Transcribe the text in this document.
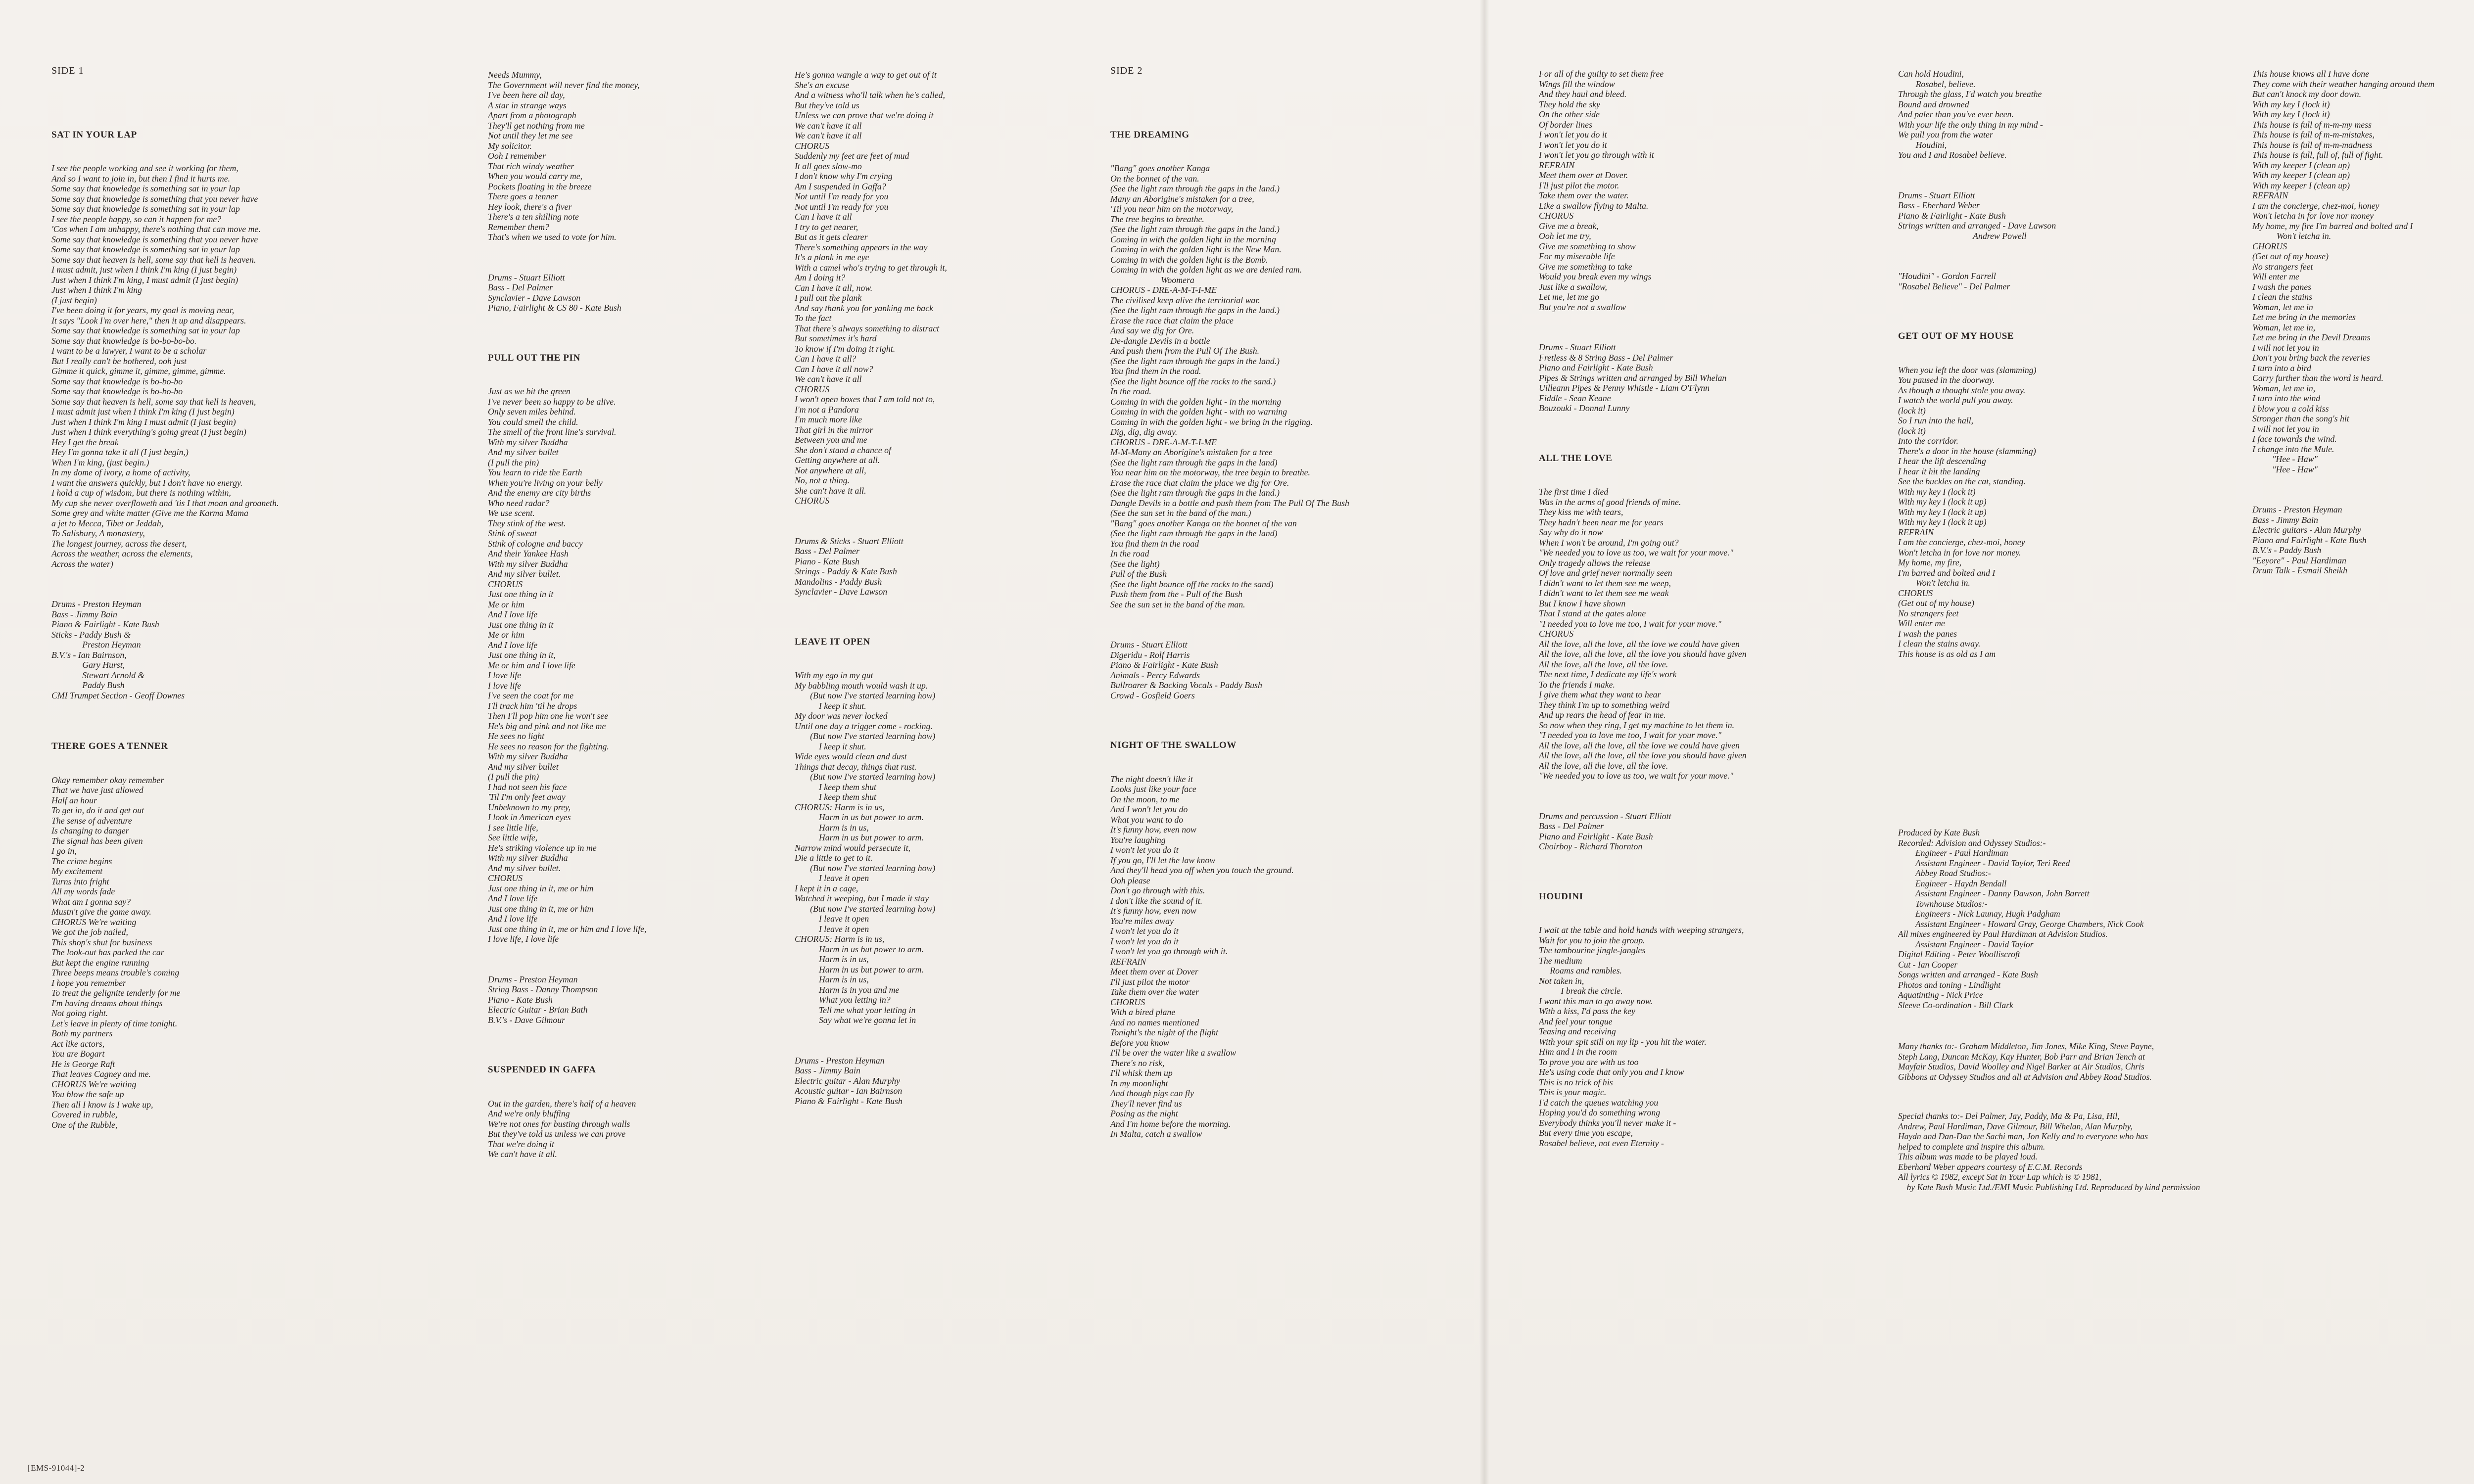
SIDE 1

SAT IN YOUR LAP

I see the people working and see it working for them,
And so I want to join in, but then I find it hurts me.
Some say that knowledge is something sat in your lap
Some say that knowledge is something that you never have
Some say that knowledge is something sat in your lap
I see the people happy, so can it happen for me?
'Cos when I am unhappy, there's nothing that can move me.
Some say that knowledge is something that you never have
Some say that knowledge is something sat in your lap
Some say that heaven is hell, some say that hell is heaven.
I must admit, just when I think I'm king (I just begin)
Just when I think I'm king, I must admit (I just begin)
Just when I think I'm king
(I just begin)
I've been doing it for years, my goal is moving near,
It says "Look I'm over here," then it up and disappears.
Some say that knowledge is something sat in your lap
Some say that knowledge is bo-bo-bo-bo.
I want to be a lawyer, I want to be a scholar
But I really can't be bothered, ooh just
Gimme it quick, gimme it, gimme, gimme, gimme.
Some say that knowledge is bo-bo-bo
Some say that knowledge is bo-bo-bo
Some say that heaven is hell, some say that hell is heaven,
I must admit just when I think I'm king (I just begin)
Just when I think I'm king I must admit (I just begin)
Just when I think everything's going great (I just begin)
Hey I get the break
Hey I'm gonna take it all (I just begin,)
When I'm king, (just begin.)
In my dome of ivory, a home of activity,
I want the answers quickly, but I don't have no energy.
I hold a cup of wisdom, but there is nothing within,
My cup she never overfloweth and 'tis I that moan and groaneth.
Some grey and white matter (Give me the Karma Mama
a jet to Mecca, Tibet or Jeddah,
To Salisbury, A monastery,
The longest journey, across the desert,
Across the weather, across the elements,
Across the water)

Drums - Preston Heyman
Bass - Jimmy Bain
Piano & Fairlight - Kate Bush
Sticks - Paddy Bush &
Preston Heyman
B.V.'s - Ian Bairnson,
Gary Hurst,
Stewart Arnold &
Paddy Bush
CMI Trumpet Section - Geoff Downes

THERE GOES A TENNER

Okay remember okay remember
That we have just allowed
Half an hour
To get in, do it and get out
The sense of adventure
Is changing to danger
The signal has been given
I go in,
The crime begins
My excitement
Turns into fright
All my words fade
What am I gonna say?
Mustn't give the game away.
CHORUS We're waiting
We got the job nailed,
This shop's shut for business
The look-out has parked the car
But kept the engine running
Three beeps means trouble's coming
I hope you remember
To treat the gelignite tenderly for me
I'm having dreams about things
Not going right.
Let's leave in plenty of time tonight.
Both my partners
Act like actors,
You are Bogart
He is George Raft
That leaves Cagney and me.
CHORUS We're waiting
You blow the safe up
Then all I know is I wake up,
Covered in rubble,
One of the Rubble,

Needs Mummy,
The Government will never find the money,
I've been here all day,
A star in strange ways
Apart from a photograph
They'll get nothing from me
Not until they let me see
My solicitor.
Ooh I remember
That rich windy weather
When you would carry me,
Pockets floating in the breeze
There goes a tenner
Hey look, there's a fiver
There's a ten shilling note
Remember them?
That's when we used to vote for him.

Drums - Stuart Elliott
Bass - Del Palmer
Synclavier - Dave Lawson
Piano, Fairlight & CS 80 - Kate Bush

PULL OUT THE PIN

Just as we bit the green
I've never been so happy to be alive.
Only seven miles behind.
You could smell the child.
The smell of the front line's survival.
With my silver Buddha
And my silver bullet
(I pull the pin)
You learn to ride the Earth
When you're living on your belly
And the enemy are city births
Who need radar?
We use scent.
They stink of the west.
Stink of sweat
Stink of cologne and baccy
And their Yankee Hash
With my silver Buddha
And my silver bullet.
CHORUS
Just one thing in it
Me or him
And I love life
Just one thing in it
Me or him
And I love life
Just one thing in it,
Me or him and I love life
I love life
I love life
I've seen the coat for me
I'll track him 'til he drops
Then I'll pop him one he won't see
He's big and pink and not like me
He sees no light
He sees no reason for the fighting.
With my silver Buddha
And my silver bullet
(I pull the pin)
I had not seen his face
'Til I'm only feet away
Unbeknown to my prey,
I look in American eyes
I see little life,
See little wife,
He's striking violence up in me
With my silver Buddha
And my silver bullet.
CHORUS
Just one thing in it, me or him
And I love life
Just one thing in it, me or him
And I love life
Just one thing in it, me or him and I love life,
I love life, I love life

Drums - Preston Heyman
String Bass - Danny Thompson
Piano - Kate Bush
Electric Guitar - Brian Bath
B.V.'s - Dave Gilmour

SUSPENDED IN GAFFA

Out in the garden, there's half of a heaven
And we're only bluffing
We're not ones for busting through walls
But they've told us unless we can prove
That we're doing it
We can't have it all.

He's gonna wangle a way to get out of it
She's an excuse
And a witness who'll talk when he's called,
But they've told us
Unless we can prove that we're doing it
We can't have it all
We can't have it all
CHORUS
Suddenly my feet are feet of mud
It all goes slow-mo
I don't know why I'm crying
Am I suspended in Gaffa?
Not until I'm ready for you
Not until I'm ready for you
Can I have it all
I try to get nearer,
But as it gets clearer
There's something appears in the way
It's a plank in me eye
With a camel who's trying to get through it,
Am I doing it?
Can I have it all, now.
I pull out the plank
And say thank you for yanking me back
To the fact
That there's always something to distract
But sometimes it's hard
To know if I'm doing it right.
Can I have it all?
Can I have it all now?
We can't have it all
CHORUS
I won't open boxes that I am told not to,
I'm not a Pandora
I'm much more like
That girl in the mirror
Between you and me
She don't stand a chance of
Getting anywhere at all.
Not anywhere at all,
No, not a thing.
She can't have it all.
CHORUS

Drums & Sticks - Stuart Elliott
Bass - Del Palmer
Piano - Kate Bush
Strings - Paddy & Kate Bush
Mandolins - Paddy Bush
Synclavier - Dave Lawson

LEAVE IT OPEN

With my ego in my gut
My babbling mouth would wash it up.
(But now I've started learning how)
I keep it shut.
My door was never locked
Until one day a trigger come - rocking.
(But now I've started learning how)
I keep it shut.
Wide eyes would clean and dust
Things that decay, things that rust.
(But now I've started learning how)
I keep them shut
I keep them shut
CHORUS: Harm is in us,
Harm in us but power to arm.
Harm is in us,
Harm in us but power to arm.
Narrow mind would persecute it,
Die a little to get to it.
(But now I've started learning how)
I leave it open
I kept it in a cage,
Watched it weeping, but I made it stay
(But now I've started learning how)
I leave it open
I leave it open
CHORUS: Harm is in us,
Harm in us but power to arm.
Harm is in us,
Harm in us but power to arm.
Harm is in us,
Harm is in you and me
What you letting in?
Tell me what your letting in
Say what we're gonna let in

Drums - Preston Heyman
Bass - Jimmy Bain
Electric guitar - Alan Murphy
Acoustic guitar - Ian Bairnson
Piano & Fairlight - Kate Bush

SIDE 2

THE DREAMING

"Bang" goes another Kanga
On the bonnet of the van.
(See the light ram through the gaps in the land.)
Many an Aborigine's mistaken for a tree,
'Til you near him on the motorway,
The tree begins to breathe.
(See the light ram through the gaps in the land.)
Coming in with the golden light in the morning
Coming in with the golden light is the New Man.
Coming in with the golden light is the Bomb.
Coming in with the golden light as we are denied ram.
Woomera
CHORUS - DRE-A-M-T-I-ME
The civilised keep alive the territorial war.
(See the light ram through the gaps in the land.)
Erase the race that claim the place
And say we dig for Ore.
De-dangle Devils in a bottle
And push them from the Pull Of The Bush.
(See the light ram through the gaps in the land.)
You find them in the road.
(See the light bounce off the rocks to the sand.)
In the road.
Coming in with the golden light - in the morning
Coming in with the golden light - with no warning
Coming in with the golden light - we bring in the rigging.
Dig, dig, dig away.
CHORUS - DRE-A-M-T-I-ME
M-M-Many an Aborigine's mistaken for a tree
(See the light ram through the gaps in the land)
You near him on the motorway, the tree begin to breathe.
Erase the race that claim the place we dig for Ore.
(See the light ram through the gaps in the land.)
Dangle Devils in a bottle and push them from The Pull Of The Bush
(See the sun set in the band of the man.)
"Bang" goes another Kanga on the bonnet of the van
(See the light ram through the gaps in the land)
You find them in the road
In the road
(See the light)
Pull of the Bush
(See the light bounce off the rocks to the sand)
Push them from the - Pull of the Bush
See the sun set in the band of the man.

Drums - Stuart Elliott
Digeridu - Rolf Harris
Piano & Fairlight - Kate Bush
Animals - Percy Edwards
Bullroarer & Backing Vocals - Paddy Bush
Crowd - Gosfield Goers

NIGHT OF THE SWALLOW

The night doesn't like it
Looks just like your face
On the moon, to me
And I won't let you do
What you want to do
It's funny how, even now
You're laughing
I won't let you do it
If you go, I'll let the law know
And they'll head you off when you touch the ground.
Ooh please
Don't go through with this.
I don't like the sound of it.
It's funny how, even now
You're miles away
I won't let you do it
I won't let you do it
I won't let you go through with it.
REFRAIN
Meet them over at Dover
I'll just pilot the motor
Take them over the water
CHORUS
With a bired plane
And no names mentioned
Tonight's the night of the flight
Before you know
I'll be over the water like a swallow
There's no risk,
I'll whisk them up
In my moonlight
And though pigs can fly
They'll never find us
Posing as the night
And I'm home before the morning.
In Malta, catch a swallow

For all of the guilty to set them free
Wings fill the window
And they haul and bleed.
They hold the sky
On the other side
Of border lines
I won't let you do it
I won't let you do it
I won't let you go through with it
REFRAIN
Meet them over at Dover.
I'll just pilot the motor.
Take them over the water.
Like a swallow flying to Malta.
CHORUS
Give me a break,
Ooh let me try,
Give me something to show
For my miserable life
Give me something to take
Would you break even my wings
Just like a swallow,
Let me, let me go
But you're not a swallow

Drums - Stuart Elliott
Fretless & 8 String Bass - Del Palmer
Piano and Fairlight - Kate Bush
Pipes & Strings written and arranged by Bill Whelan
Uilleann Pipes & Penny Whistle - Liam O'Flynn
Fiddle - Sean Keane
Bouzouki - Donnal Lunny

ALL THE LOVE

The first time I died
Was in the arms of good friends of mine.
They kiss me with tears,
They hadn't been near me for years
Say why do it now
When I won't be around, I'm going out?
"We needed you to love us too, we wait for your move."
Only tragedy allows the release
Of love and grief never normally seen
I didn't want to let them see me weep,
I didn't want to let them see me weak
But I know I have shown
That I stand at the gates alone
"I needed you to love me too, I wait for your move."
CHORUS
All the love, all the love, all the love we could have given
All the love, all the love, all the love you should have given
All the love, all the love, all the love.
The next time, I dedicate my life's work
To the friends I make.
I give them what they want to hear
They think I'm up to something weird
And up rears the head of fear in me.
So now when they ring, I get my machine to let them in.
"I needed you to love me too, I wait for your move."
All the love, all the love, all the love we could have given
All the love, all the love, all the love you should have given
All the love, all the love, all the love.
"We needed you to love us too, we wait for your move."

Drums and percussion - Stuart Elliott
Bass - Del Palmer
Piano and Fairlight - Kate Bush
Choirboy - Richard Thornton

HOUDINI

I wait at the table and hold hands with weeping strangers,
Wait for you to join the group.
The tambourine jingle-jangles
The medium
Roams and rambles.
Not taken in,
I break the circle.
I want this man to go away now.
With a kiss, I'd pass the key
And feel your tongue
Teasing and receiving
With your spit still on my lip - you hit the water.
Him and I in the room
To prove you are with us too
He's using code that only you and I know
This is no trick of his
This is your magic.
I'd catch the queues watching you
Hoping you'd do something wrong
Everybody thinks you'll never make it -
But every time you escape,
Rosabel believe, not even Eternity -

Can hold Houdini,
Rosabel, believe.
Through the glass, I'd watch you breathe
Bound and drowned
And paler than you've ever been.
With your life the only thing in my mind -
We pull you from the water
Houdini,
You and I and Rosabel believe.

Drums - Stuart Elliott
Bass - Eberhard Weber
Piano & Fairlight - Kate Bush
Strings written and arranged - Dave Lawson
Andrew Powell

"Houdini" - Gordon Farrell
"Rosabel Believe" - Del Palmer

GET OUT OF MY HOUSE

When you left the door was (slamming)
You paused in the doorway.
As though a thought stole you away.
I watch the world pull you away.
(lock it)
So I run into the hall,
(lock it)
Into the corridor.
There's a door in the house (slamming)
I hear the lift descending
I hear it hit the landing
See the buckles on the cat, standing.
With my key I (lock it)
With my key I (lock it up)
With my key I (lock it up)
With my key I (lock it up)
REFRAIN
I am the concierge, chez-moi, honey
Won't letcha in for love nor money.
My home, my fire,
I'm barred and bolted and I
Won't letcha in.
CHORUS
(Get out of my house)
No strangers feet
Will enter me
I wash the panes
I clean the stains away.
This house is as old as I am

Produced by Kate Bush
Recorded: Advision and Odyssey Studios:-
Engineer - Paul Hardiman
Assistant Engineer - David Taylor, Teri Reed
Abbey Road Studios:-
Engineer - Haydn Bendall
Assistant Engineer - Danny Dawson, John Barrett
Townhouse Studios:-
Engineers - Nick Launay, Hugh Padgham
Assistant Engineer - Howard Gray, George Chambers, Nick Cook
All mixes engineered by Paul Hardiman at Advision Studios.
Assistant Engineer - David Taylor
Digital Editing - Peter Woolliscroft
Cut - Ian Cooper
Songs written and arranged - Kate Bush
Photos and toning - Lindlight
Aquatinting - Nick Price
Sleeve Co-ordination - Bill Clark

Many thanks to:- Graham Middleton, Jim Jones, Mike King, Steve Payne,
Steph Lang, Duncan McKay, Kay Hunter, Bob Parr and Brian Tench at
Mayfair Studios, David Woolley and Nigel Barker at Air Studios, Chris
Gibbons at Odyssey Studios and all at Advision and Abbey Road Studios.

Special thanks to:- Del Palmer, Jay, Paddy, Ma & Pa, Lisa, Hil,
Andrew, Paul Hardiman, Dave Gilmour, Bill Whelan, Alan Murphy,
Haydn and Dan-Dan the Sachi man, Jon Kelly and to everyone who has
helped to complete and inspire this album.
This album was made to be played loud.
Eberhard Weber appears courtesy of E.C.M. Records
All lyrics © 1982, except Sat in Your Lap which is © 1981,
by Kate Bush Music Ltd./EMI Music Publishing Ltd. Reproduced by kind permission

This house knows all I have done
They come with their weather hanging around them
But can't knock my door down.
With my key I (lock it)
With my key I (lock it)
This house is full of m-m-my mess
This house is full of m-m-mistakes,
This house is full of m-m-madness
This house is full, full of, full of fight.
With my keeper I (clean up)
With my keeper I (clean up)
With my keeper I (clean up)
REFRAIN
I am the concierge, chez-moi, honey
Won't letcha in for love nor money
My home, my fire I'm barred and bolted and I
Won't letcha in.
CHORUS
(Get out of my house)
No strangers feet
Will enter me
I wash the panes
I clean the stains
Woman, let me in
Let me bring in the memories
Woman, let me in,
Let me bring in the Devil Dreams
I will not let you in
Don't you bring back the reveries
I turn into a bird
Carry further than the word is heard.
Woman, let me in,
I turn into the wind
I blow you a cold kiss
Stronger than the song's hit
I will not let you in
I face towards the wind.
I change into the Mule.
"Hee - Haw"
"Hee - Haw"

Drums - Preston Heyman
Bass - Jimmy Bain
Electric guitars - Alan Murphy
Piano and Fairlight - Kate Bush
B.V.'s - Paddy Bush
"Eeyore" - Paul Hardiman
Drum Talk - Esmail Sheikh

[EMS-91044]-2
